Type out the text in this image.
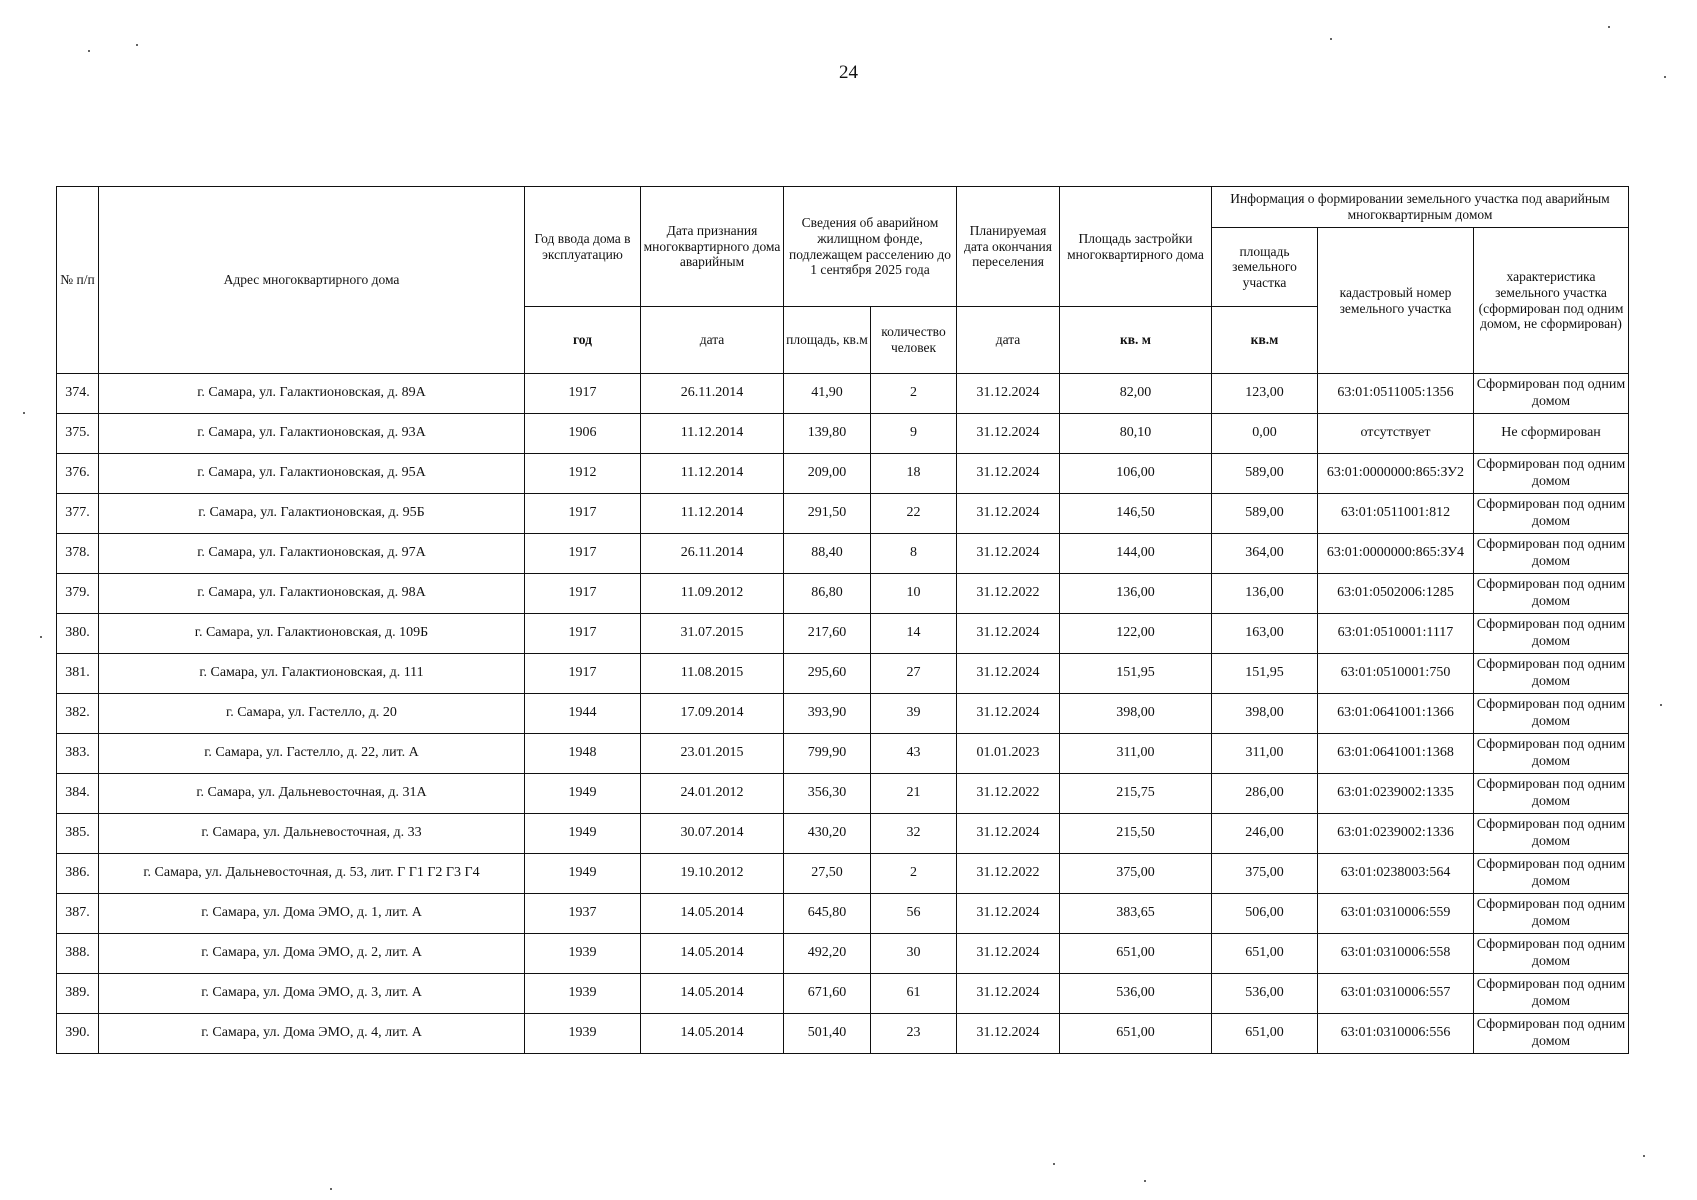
24
№ п/п	Адрес многоквартирного дома	Год ввода дома в эксплуатацию	Дата признания многоквартирного дома аварийным	Сведения об аварийном жилищном фонде, подлежащем расселению до 1 сентября 2025 года		Планируемая дата окончания переселения	Площадь застройки многоквартирного дома	Информация о формировании земельного участка под аварийным многоквартирным домом		
								площадь земельного участка	кадастровый номер земельного участка	характеристика земельного участка (сформирован под одним домом, не сформирован)
		год	дата	площадь, кв.м	количество человек	дата	кв. м	кв.м		
374.	г. Самара, ул. Галактионовская, д. 89А	1917	26.11.2014	41,90	2	31.12.2024	82,00	123,00	63:01:0511005:1356	Сформирован под одним домом
375.	г. Самара, ул. Галактионовская, д. 93А	1906	11.12.2014	139,80	9	31.12.2024	80,10	0,00	отсутствует	Не сформирован
376.	г. Самара, ул. Галактионовская, д. 95А	1912	11.12.2014	209,00	18	31.12.2024	106,00	589,00	63:01:0000000:865:ЗУ2	Сформирован под одним домом
377.	г. Самара, ул. Галактионовская, д. 95Б	1917	11.12.2014	291,50	22	31.12.2024	146,50	589,00	63:01:0511001:812	Сформирован под одним домом
378.	г. Самара, ул. Галактионовская, д. 97А	1917	26.11.2014	88,40	8	31.12.2024	144,00	364,00	63:01:0000000:865:ЗУ4	Сформирован под одним домом
379.	г. Самара, ул. Галактионовская, д. 98А	1917	11.09.2012	86,80	10	31.12.2022	136,00	136,00	63:01:0502006:1285	Сформирован под одним домом
380.	г. Самара, ул. Галактионовская, д. 109Б	1917	31.07.2015	217,60	14	31.12.2024	122,00	163,00	63:01:0510001:1117	Сформирован под одним домом
381.	г. Самара, ул. Галактионовская, д. 111	1917	11.08.2015	295,60	27	31.12.2024	151,95	151,95	63:01:0510001:750	Сформирован под одним домом
382.	г. Самара, ул. Гастелло, д. 20	1944	17.09.2014	393,90	39	31.12.2024	398,00	398,00	63:01:0641001:1366	Сформирован под одним домом
383.	г. Самара, ул. Гастелло, д. 22, лит. А	1948	23.01.2015	799,90	43	01.01.2023	311,00	311,00	63:01:0641001:1368	Сформирован под одним домом
384.	г. Самара, ул. Дальневосточная, д. 31А	1949	24.01.2012	356,30	21	31.12.2022	215,75	286,00	63:01:0239002:1335	Сформирован под одним домом
385.	г. Самара, ул. Дальневосточная, д. 33	1949	30.07.2014	430,20	32	31.12.2024	215,50	246,00	63:01:0239002:1336	Сформирован под одним домом
386.	г. Самара, ул. Дальневосточная, д. 53, лит. Г Г1 Г2 Г3 Г4	1949	19.10.2012	27,50	2	31.12.2022	375,00	375,00	63:01:0238003:564	Сформирован под одним домом
387.	г. Самара, ул. Дома ЭМО, д. 1, лит. А	1937	14.05.2014	645,80	56	31.12.2024	383,65	506,00	63:01:0310006:559	Сформирован под одним домом
388.	г. Самара, ул. Дома ЭМО, д. 2, лит. А	1939	14.05.2014	492,20	30	31.12.2024	651,00	651,00	63:01:0310006:558	Сформирован под одним домом
389.	г. Самара, ул. Дома ЭМО, д. 3, лит. А	1939	14.05.2014	671,60	61	31.12.2024	536,00	536,00	63:01:0310006:557	Сформирован под одним домом
390.	г. Самара, ул. Дома ЭМО, д. 4, лит. А	1939	14.05.2014	501,40	23	31.12.2024	651,00	651,00	63:01:0310006:556	Сформирован под одним домом
